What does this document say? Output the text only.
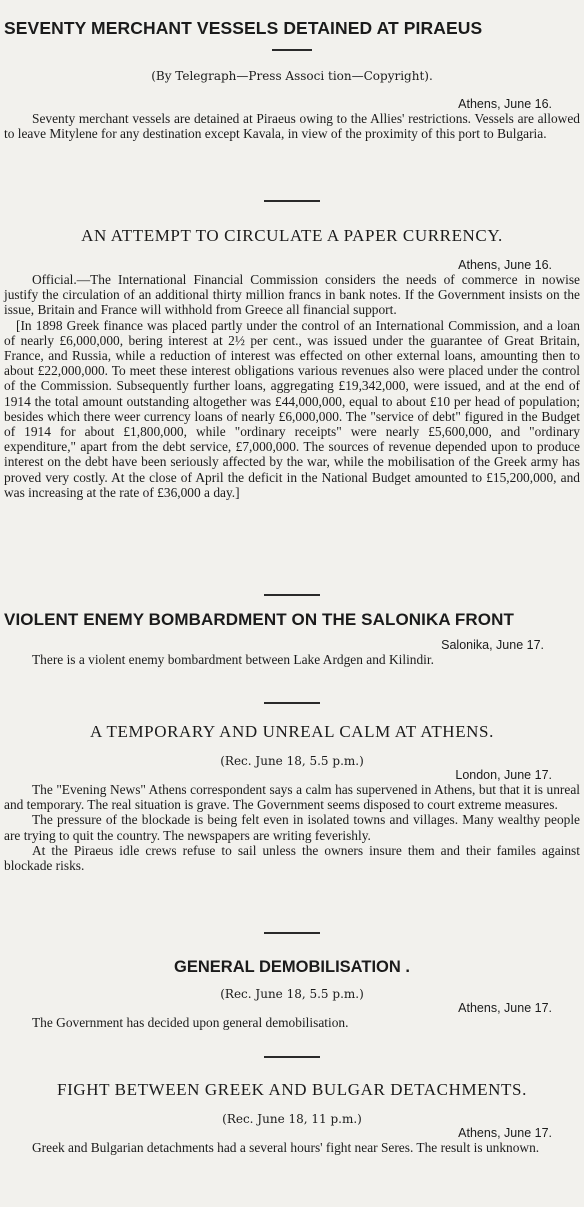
SEVENTY MERCHANT VESSELS DETAINED AT PIRAEUS

(By Telegraph—Press Associ tion—Copyright).

Athens, June 16.

Seventy merchant vessels are detained at Piraeus owing to the Allies' restrictions. Vessels are allowed to leave Mitylene for any destination except Kavala, in view of the proximity of this port to Bulgaria.

AN ATTEMPT TO CIRCULATE A PAPER CURRENCY.

Athens, June 16.

Official.—The International Financial Commission considers the needs of commerce in nowise justify the circulation of an additional thirty million francs in bank notes. If the Government insists on the issue, Britain and France will withhold from Greece all financial support.

[In 1898 Greek finance was placed partly under the control of an International Commission, and a loan of nearly £6,000,000, bering interest at 2½ per cent., was issued under the guarantee of Great Britain, France, and Russia, while a reduction of interest was effected on other external loans, amounting then to about £22,000,000. To meet these interest obligations various revenues also were placed under the control of the Commission. Subsequently further loans, aggregating £19,342,000, were issued, and at the end of 1914 the total amount outstanding altogether was £44,000,000, equal to about £10 per head of population; besides which there weer currency loans of nearly £6,000,000. The "service of debt" figured in the Budget of 1914 for about £1,800,000, while "ordinary receipts" were nearly £5,600,000, and "ordinary expenditure," apart from the debt service, £7,000,000. The sources of revenue depended upon to produce interest on the debt have been seriously affected by the war, while the mobilisation of the Greek army has proved very costly. At the close of April the deficit in the National Budget amounted to £15,200,000, and was increasing at the rate of £36,000 a day.]

VIOLENT ENEMY BOMBARDMENT ON THE SALONIKA FRONT

Salonika, June 17.

There is a violent enemy bombardment between Lake Ardgen and Kilindir.

A TEMPORARY AND UNREAL CALM AT ATHENS.

(Rec. June 18, 5.5 p.m.)

London, June 17.

The "Evening News" Athens correspondent says a calm has supervened in Athens, but that it is unreal and temporary. The real situation is grave. The Government seems disposed to court extreme measures.

The pressure of the blockade is being felt even in isolated towns and villages. Many wealthy people are trying to quit the country. The newspapers are writing feverishly.

At the Piraeus idle crews refuse to sail unless the owners insure them and their familes against blockade risks.

GENERAL DEMOBILISATION .

(Rec. June 18, 5.5 p.m.)

Athens, June 17.

The Government has decided upon general demobilisation.

FIGHT BETWEEN GREEK AND BULGAR DETACHMENTS.

(Rec. June 18, 11 p.m.)

Athens, June 17.

Greek and Bulgarian detachments had a several hours' fight near Seres. The result is unknown.
